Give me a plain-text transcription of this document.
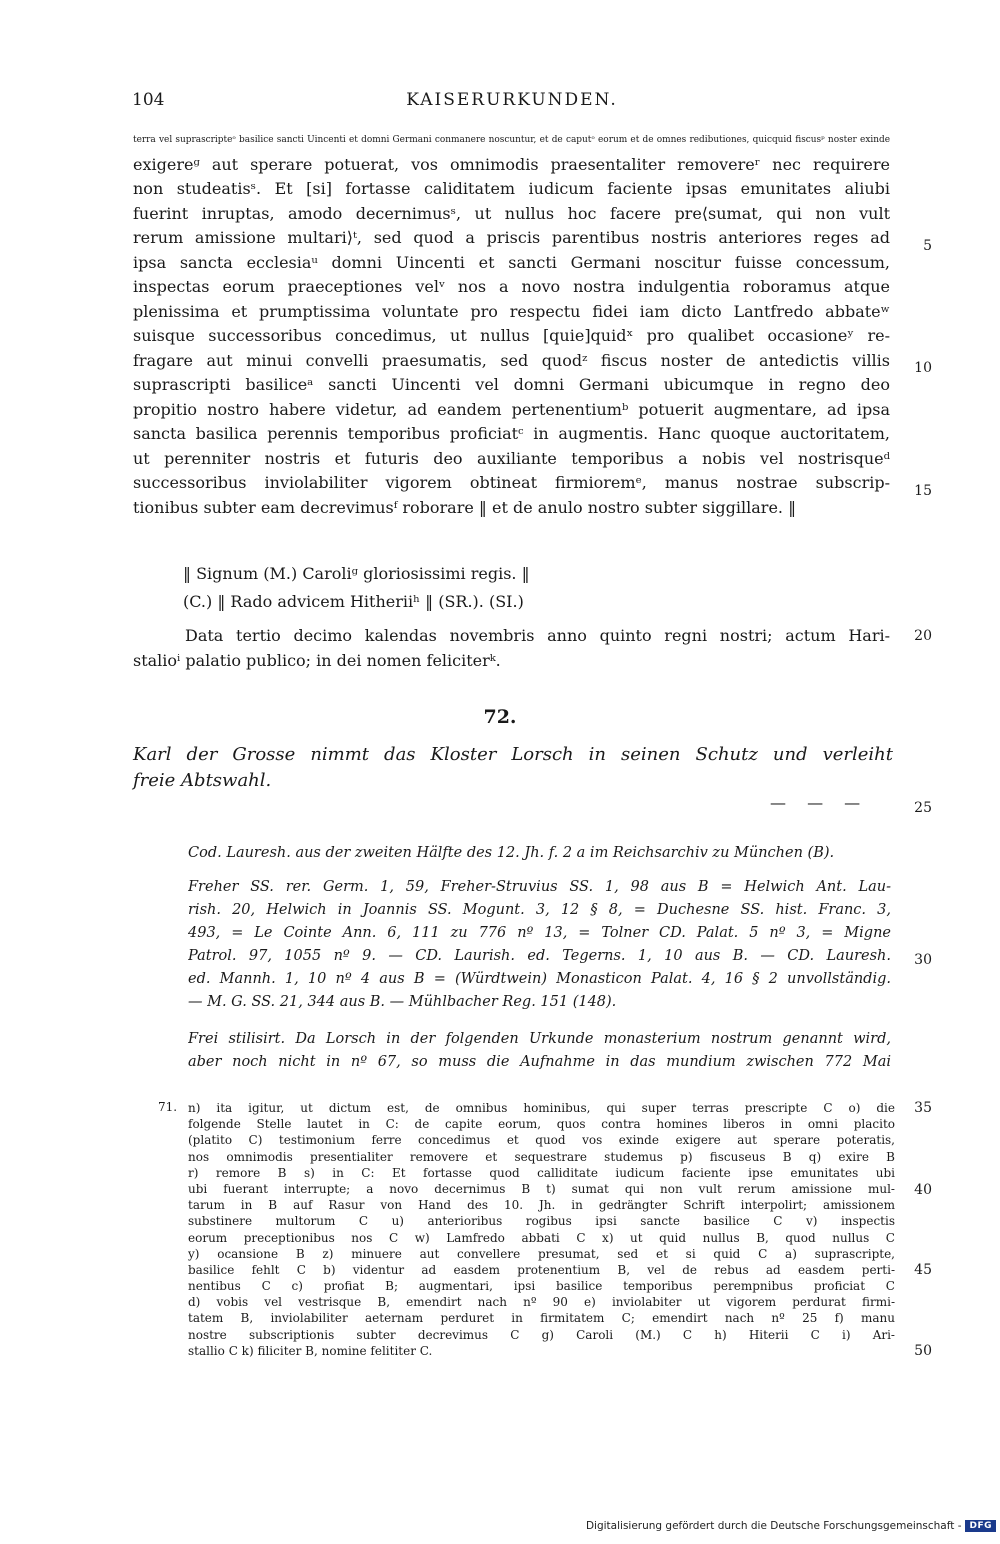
104	KAISERURKUNDEN.
terra vel suprascripteᵒ basilice sancti Uincenti et domni Germani conmanere noscuntur, et de caputᵒ eorum et de omnes redibutiones, quicquid fiscusᵖ noster exinde
exigereᵍ aut sperare potuerat, vos omnimodis praesentaliter removereʳ nec requirere
non studeatisˢ. Et [si] fortasse caliditatem iudicum faciente ipsas emunitates aliubi
fuerint inruptas, amodo decernimusˢ, ut nullus hoc facere pre⟨sumat, qui non vult
rerum amissione multari⟩ᵗ, sed quod a priscis parentibus nostris anteriores reges ad
ipsa sancta ecclesiaᵘ domni Uincenti et sancti Germani noscitur fuisse concessum,
inspectas eorum praeceptiones velᵛ nos a novo nostra indulgentia roboramus atque
plenissima et prumptissima voluntate pro respectu fidei iam dicto Lantfredo abbateʷ
suisque successoribus concedimus, ut nullus [quie]quidˣ pro qualibet occasioneʸ re-
fragare aut minui convelli praesumatis, sed quodᶻ fiscus noster de antedictis villis
suprascripti basiliceᵃ sancti Uincenti vel domni Germani ubicumque in regno deo
propitio nostro habere videtur, ad eandem pertenentiumᵇ potuerit augmentare, ad ipsa
sancta basilica perennis temporibus proficiatᶜ in augmentis. Hanc quoque auctoritatem,
ut perenniter nostris et futuris deo auxiliante temporibus a nobis vel nostrisqueᵈ
successoribus inviolabiliter vigorem obtineat firmioremᵉ, manus nostrae subscrip-
tionibus subter eam decrevimusᶠ roborare ‖ et de anulo nostro subter siggillare. ‖
‖ Signum (M.) Caroliᵍ gloriosissimi regis. ‖
(C.) ‖ Rado advicem Hitheriiʰ ‖ (SR.). (SI.)
Data tertio decimo kalendas novembris anno quinto regni nostri; actum Hari-
stalioⁱ palatio publico; in dei nomen feliciterᵏ.
72.
Karl der Grosse nimmt das Kloster Lorsch in seinen Schutz und verleiht
freie Abtswahl.
— — —
Cod. Lauresh. aus der zweiten Hälfte des 12. Jh. f. 2 a im Reichsarchiv zu München (B).
Freher SS. rer. Germ. 1, 59, Freher-Struvius SS. 1, 98 aus B = Helwich Ant. Lau-
rish. 20, Helwich in Joannis SS. Mogunt. 3, 12 § 8, = Duchesne SS. hist. Franc. 3,
493, = Le Cointe Ann. 6, 111 zu 776 nº 13, = Tolner CD. Palat. 5 nº 3, = Migne
Patrol. 97, 1055 nº 9. — CD. Laurish. ed. Tegerns. 1, 10 aus B. — CD. Lauresh.
ed. Mannh. 1, 10 nº 4 aus B = (Würdtwein) Monasticon Palat. 4, 16 § 2 unvollständig.
— M. G. SS. 21, 344 aus B. — Mühlbacher Reg. 151 (148).
Frei stilisirt. Da Lorsch in der folgenden Urkunde monasterium nostrum genannt wird,
aber noch nicht in nº 67, so muss die Aufnahme in das mundium zwischen 772 Mai
71. n) ita igitur, ut dictum est, de omnibus hominibus, qui super terras prescripte C o) die
folgende Stelle lautet in C: de capite eorum, quos contra homines liberos in omni placito
(platito C) testimonium ferre concedimus et quod vos exinde exigere aut sperare poteratis,
nos omnimodis presentialiter removere et sequestrare studemus p) fiscuseus B q) exire B
r) remore B s) in C: Et fortasse quod calliditate iudicum faciente ipse emunitates ubi
ubi fuerant interrupte; a novo decernimus B t) sumat qui non vult rerum amissione mul-
tarum in B auf Rasur von Hand des 10. Jh. in gedrängter Schrift interpolirt; amissionem
substinere multorum C u) anterioribus rogibus ipsi sancte basilice C v) inspectis
eorum preceptionibus nos C w) Lamfredo abbati C x) ut quid nullus B, quod nullus C
y) ocansione B z) minuere aut convellere presumat, sed et si quid C a) suprascripte,
basilice fehlt C b) videntur ad easdem protenentium B, vel de rebus ad easdem perti-
nentibus C c) profiat B; augmentari, ipsi basilice temporibus perempnibus proficiat C
d) vobis vel vestrisque B, emendirt nach nº 90 e) inviolabiter ut vigorem perdurat firmi-
tatem B, inviolabiliter aeternam perduret in firmitatem C; emendirt nach nº 25 f) manu
nostre subscriptionis subter decrevimus C g) Caroli (M.) C h) Hiterii C i) Ari-
stallio C k) filiciter B, nomine felititer C.
5
10
15
20
25
30
35
40
45
50
Digitalisierung gefördert durch die Deutsche Forschungsgemeinschaft - DFG
